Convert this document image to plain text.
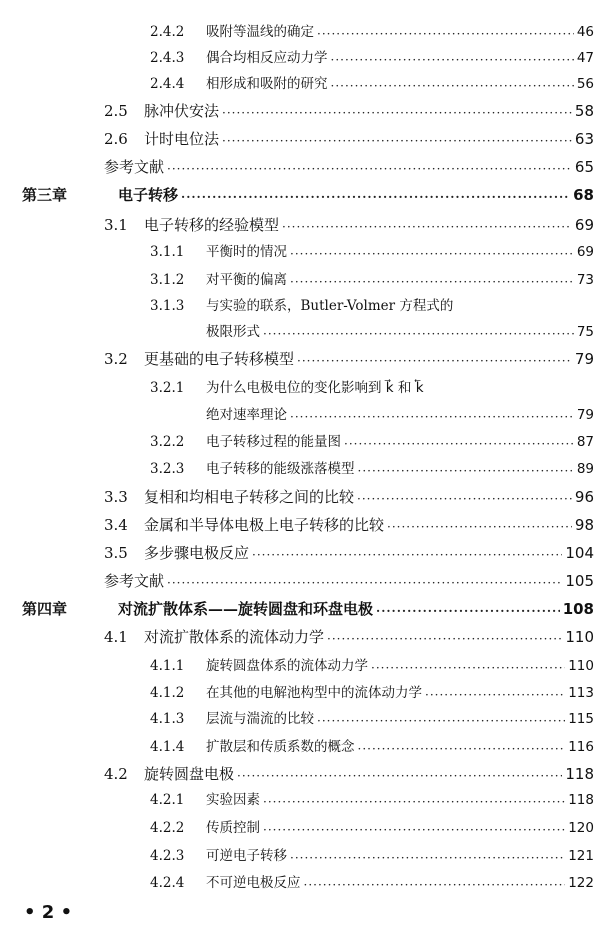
2.4.2	吸附等温线的确定 ·····	46
2.4.3	偶合均相反应动力学 ·····	47
2.4.4	相形成和吸附的研究 ·····	56
2.5	脉冲伏安法 ·····	58
2.6	计时电位法 ·····	63
参考文献 ·····	65
第三章	电子转移 ·····	68
3.1	电子转移的经验模型 ·····	69
3.1.1	平衡时的情况 ·····	69
3.1.2	对平衡的偏离 ·····	73
3.1.3	与实验的联系，Butler-Volmer 方程式的
极限形式 ·····	75
3.2	更基础的电子转移模型 ·····	79
3.2.1	为什么电极电位的变化影响到 k⃗ 和 k⃖
绝对速率理论 ·····	79
3.2.2	电子转移过程的能量图 ·····	87
3.2.3	电子转移的能级涨落模型 ·····	89
3.3	复相和均相电子转移之间的比较 ·····	96
3.4	金属和半导体电极上电子转移的比较 ·····	98
3.5	多步骤电极反应 ·····	104
参考文献 ·····	105
第四章	对流扩散体系——旋转圆盘和环盘电极 ·····	108
4.1	对流扩散体系的流体动力学 ·····	110
4.1.1	旋转圆盘体系的流体动力学 ·····	110
4.1.2	在其他的电解池构型中的流体动力学 ·····	113
4.1.3	层流与湍流的比较 ·····	115
4.1.4	扩散层和传质系数的概念 ·····	116
4.2	旋转圆盘电极 ·····	118
4.2.1	实验因素 ·····	118
4.2.2	传质控制 ·····	120
4.2.3	可逆电子转移 ·····	121
4.2.4	不可逆电极反应 ·····	122
• 2 •
